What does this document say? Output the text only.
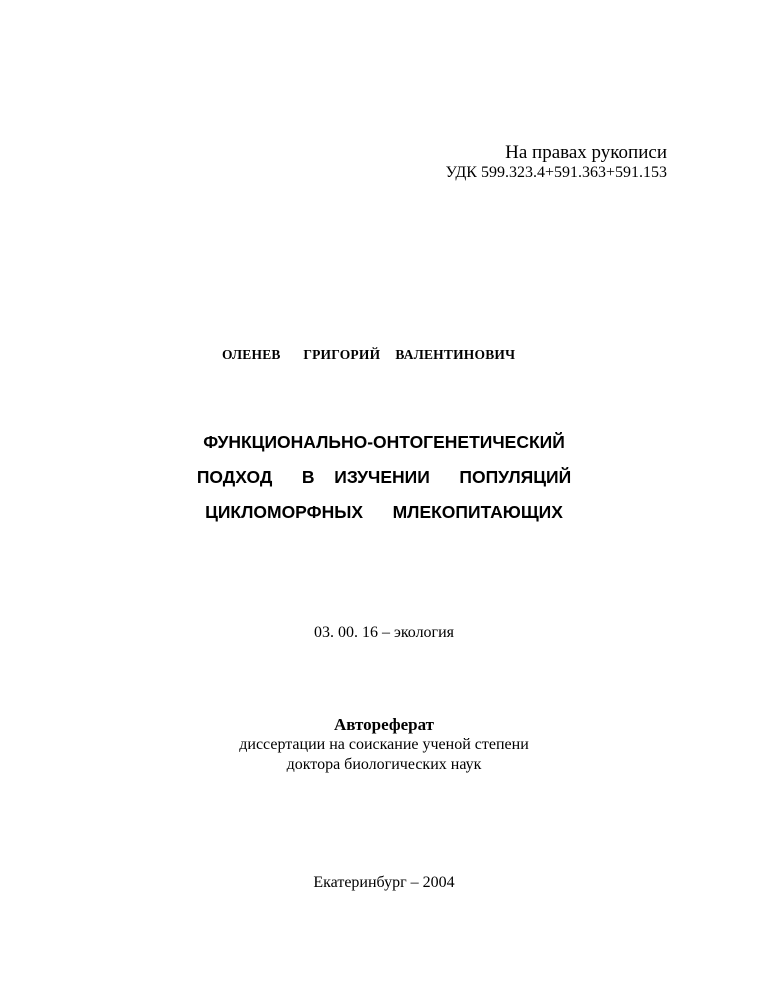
На правах рукописи
УДК 599.323.4+591.363+591.153
ОЛЕНЕВ   ГРИГОРИЙ  ВАЛЕНТИНОВИЧ
ФУНКЦИОНАЛЬНО-ОНТОГЕНЕТИЧЕСКИЙ
ПОДХОД   В  ИЗУЧЕНИИ   ПОПУЛЯЦИЙ
ЦИКЛОМОРФНЫХ   МЛЕКОПИТАЮЩИХ
03. 00. 16 – экология
Автореферат
диссертации на соискание ученой степени
доктора биологических наук
Екатеринбург – 2004
